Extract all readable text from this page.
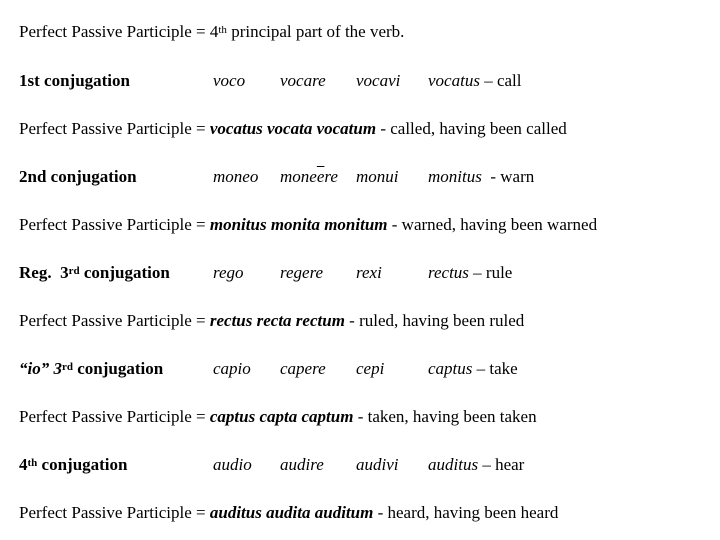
Perfect Passive Participle = 4th principal part of the verb.
1st conjugation	voco vocare vocavi vocatus – call
Perfect Passive Participle = vocatus vocata vocatum - called, having been called
2nd conjugation	moneo $mone\overline{e}re$ monui monitus  - warn
Perfect Passive Participle = monitus monita monitum - warned, having been warned
Reg.  3rd conjugation	rego regere rexi	rectus – rule
Perfect Passive Participle = rectus recta rectum - ruled, having been ruled
“io” 3rd conjugation	capio capere cepi	captus – take
Perfect Passive Participle = captus capta captum - taken, having been taken
4th conjugation	audio audire audivi auditus – hear
Perfect Passive Participle = auditus audita auditum - heard, having been heard
